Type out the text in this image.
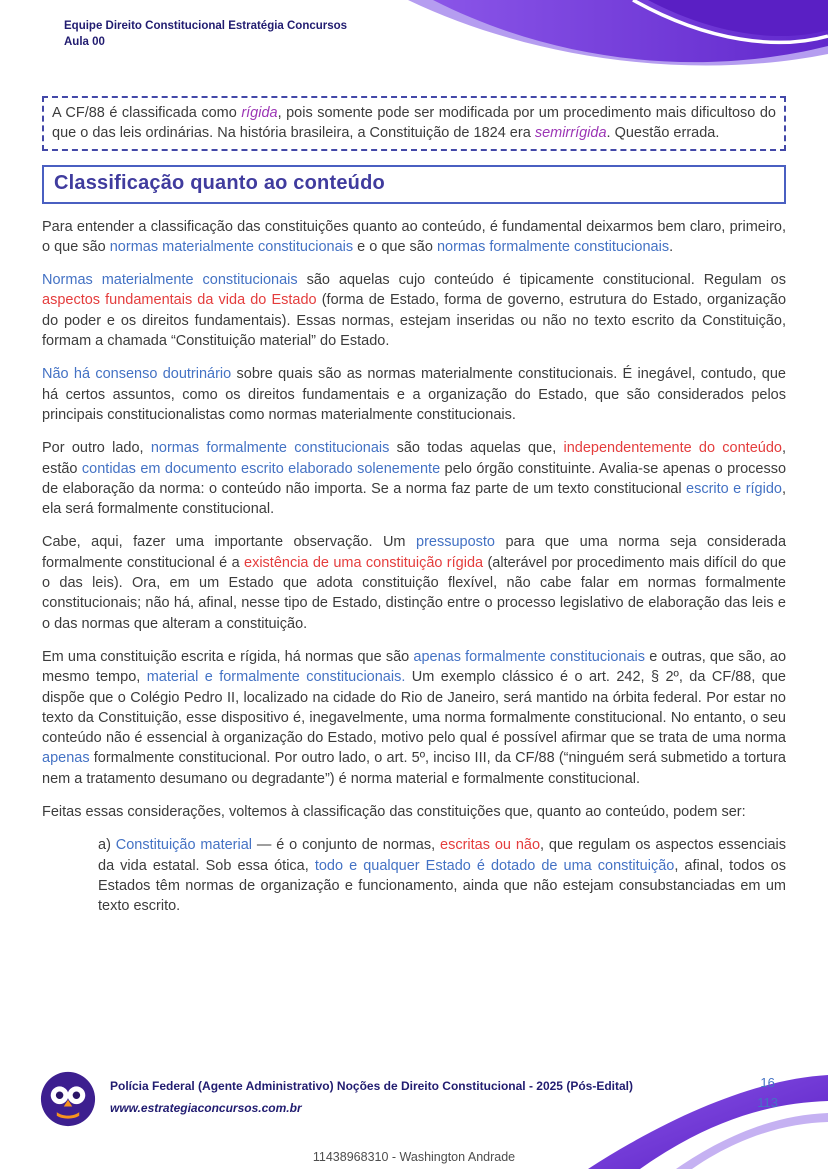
Equipe Direito Constitucional Estratégia Concursos
Aula 00

A CF/88 é classificada como rígida, pois somente pode ser modificada por um procedimento mais dificultoso do que o das leis ordinárias. Na história brasileira, a Constituição de 1824 era semirrígida. Questão errada.

Classificação quanto ao conteúdo

Para entender a classificação das constituições quanto ao conteúdo, é fundamental deixarmos bem claro, primeiro, o que são normas materialmente constitucionais e o que são normas formalmente constitucionais.

Normas materialmente constitucionais são aquelas cujo conteúdo é tipicamente constitucional. Regulam os aspectos fundamentais da vida do Estado (forma de Estado, forma de governo, estrutura do Estado, organização do poder e os direitos fundamentais). Essas normas, estejam inseridas ou não no texto escrito da Constituição, formam a chamada “Constituição material” do Estado.

Não há consenso doutrinário sobre quais são as normas materialmente constitucionais. É inegável, contudo, que há certos assuntos, como os direitos fundamentais e a organização do Estado, que são considerados pelos principais constitucionalistas como normas materialmente constitucionais.

Por outro lado, normas formalmente constitucionais são todas aquelas que, independentemente do conteúdo, estão contidas em documento escrito elaborado solenemente pelo órgão constituinte. Avalia-se apenas o processo de elaboração da norma: o conteúdo não importa. Se a norma faz parte de um texto constitucional escrito e rígido, ela será formalmente constitucional.

Cabe, aqui, fazer uma importante observação. Um pressuposto para que uma norma seja considerada formalmente constitucional é a existência de uma constituição rígida (alterável por procedimento mais difícil do que o das leis). Ora, em um Estado que adota constituição flexível, não cabe falar em normas formalmente constitucionais; não há, afinal, nesse tipo de Estado, distinção entre o processo legislativo de elaboração das leis e o das normas que alteram a constituição.

Em uma constituição escrita e rígida, há normas que são apenas formalmente constitucionais e outras, que são, ao mesmo tempo, material e formalmente constitucionais. Um exemplo clássico é o art. 242, § 2º, da CF/88, que dispõe que o Colégio Pedro II, localizado na cidade do Rio de Janeiro, será mantido na órbita federal. Por estar no texto da Constituição, esse dispositivo é, inegavelmente, uma norma formalmente constitucional. No entanto, o seu conteúdo não é essencial à organização do Estado, motivo pelo qual é possível afirmar que se trata de uma norma apenas formalmente constitucional. Por outro lado, o art. 5º, inciso III, da CF/88 (“ninguém será submetido a tortura nem a tratamento desumano ou degradante”) é norma material e formalmente constitucional.

Feitas essas considerações, voltemos à classificação das constituições que, quanto ao conteúdo, podem ser:

a) Constituição material — é o conjunto de normas, escritas ou não, que regulam os aspectos essenciais da vida estatal. Sob essa ótica, todo e qualquer Estado é dotado de uma constituição, afinal, todos os Estados têm normas de organização e funcionamento, ainda que não estejam consubstanciadas em um texto escrito.

Polícia Federal (Agente Administrativo) Noções de Direito Constitucional - 2025 (Pós-Edital)
www.estrategiaconcursos.com.br
16
113
11438968310 - Washington Andrade
